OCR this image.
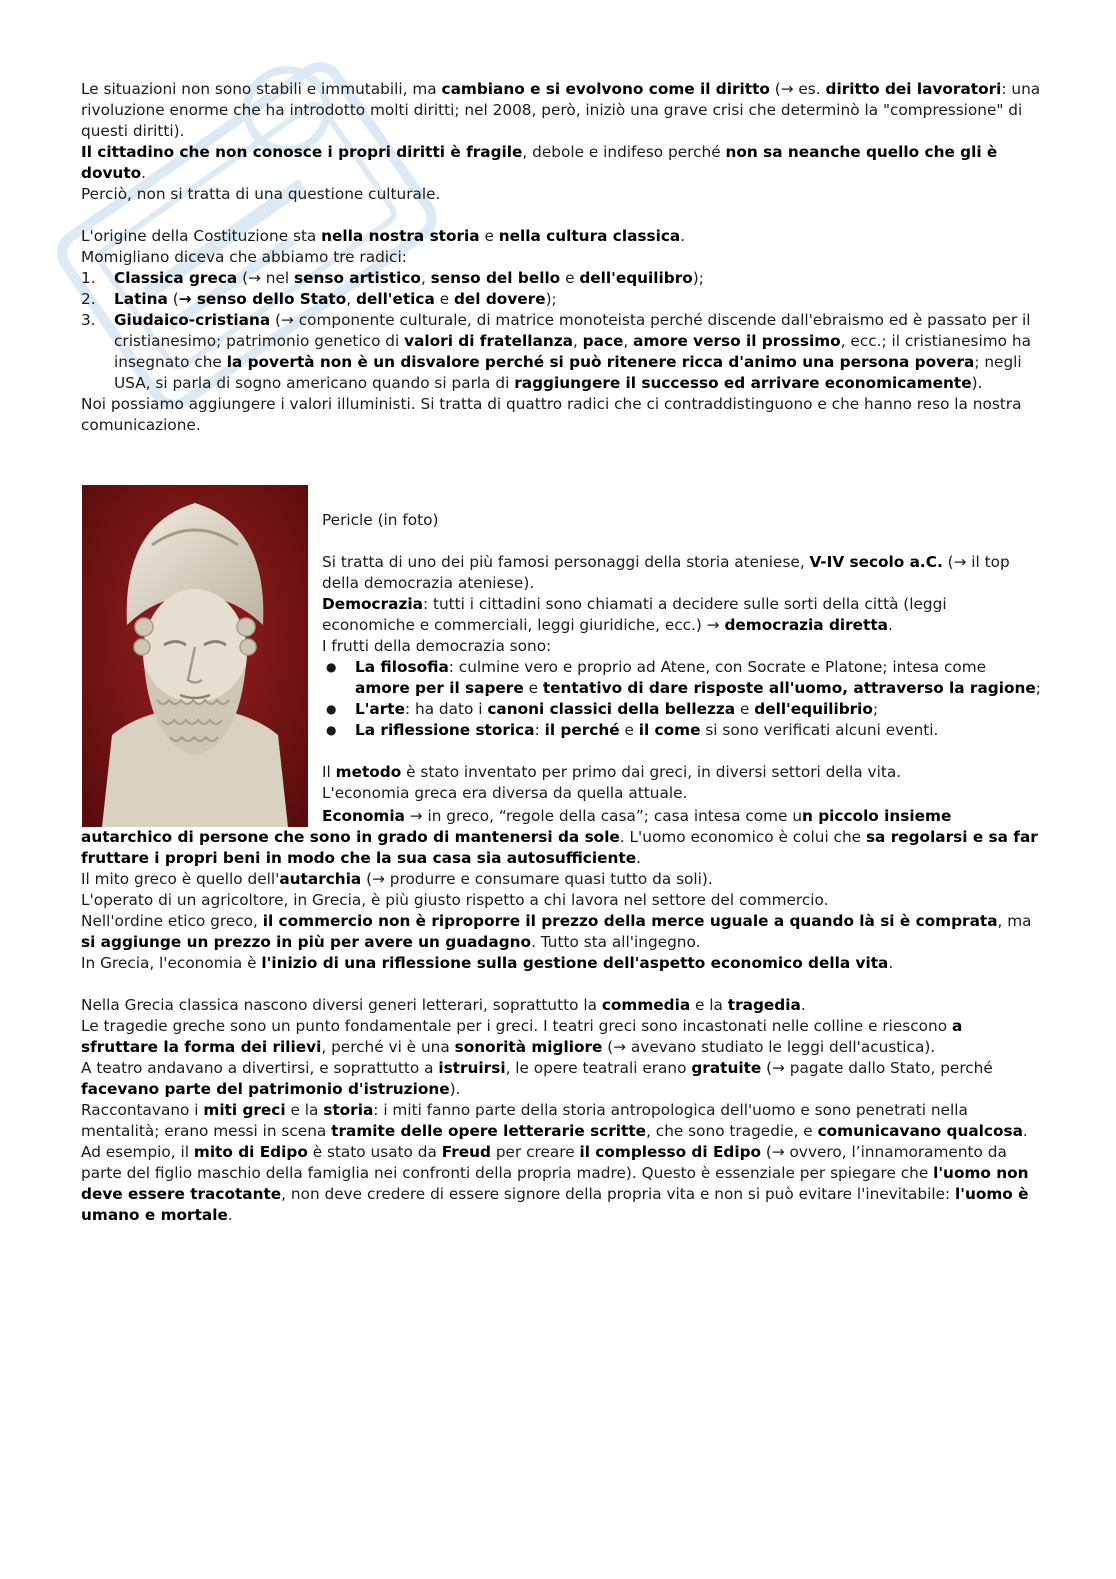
Le situazioni non sono stabili e immutabili, ma cambiano e si evolvono come il diritto (→ es. diritto dei lavoratori: una rivoluzione enorme che ha introdotto molti diritti; nel 2008, però, iniziò una grave crisi che determinò la "compressione" di questi diritti).

Il cittadino che non conosce i propri diritti è fragile, debole e indifeso perché non sa neanche quello che gli è dovuto.

Perciò, non si tratta di una questione culturale.

L'origine della Costituzione sta nella nostra storia e nella cultura classica.

Momigliano diceva che abbiamo tre radici:

1. Classica greca (→ nel senso artistico, senso del bello e dell'equilibro);
2. Latina (→ senso dello Stato, dell'etica e del dovere);
3. Giudaico-cristiana (→ componente culturale, di matrice monoteista perché discende dall'ebraismo ed è passato per il cristianesimo; patrimonio genetico di valori di fratellanza, pace, amore verso il prossimo, ecc.; il cristianesimo ha insegnato che la povertà non è un disvalore perché si può ritenere ricca d'animo una persona povera; negli USA, si parla di sogno americano quando si parla di raggiungere il successo ed arrivare economicamente).

Noi possiamo aggiungere i valori illuministi. Si tratta di quattro radici che ci contraddistinguono e che hanno reso la nostra comunicazione.

Pericle (in foto)

Si tratta di uno dei più famosi personaggi della storia ateniese, V-IV secolo a.C. (→ il top della democrazia ateniese).

Democrazia: tutti i cittadini sono chiamati a decidere sulle sorti della città (leggi economiche e commerciali, leggi giuridiche, ecc.) → democrazia diretta.

I frutti della democrazia sono:

● La filosofia: culmine vero e proprio ad Atene, con Socrate e Platone; intesa come amore per il sapere e tentativo di dare risposte all'uomo, attraverso la ragione;
● L'arte: ha dato i canoni classici della bellezza e dell'equilibrio;
● La riflessione storica: il perché e il come si sono verificati alcuni eventi.

Il metodo è stato inventato per primo dai greci, in diversi settori della vita.

L'economia greca era diversa da quella attuale.

Economia → in greco, “regole della casa”; casa intesa come un piccolo insieme autarchico di persone che sono in grado di mantenersi da sole. L'uomo economico è colui che sa regolarsi e sa far fruttare i propri beni in modo che la sua casa sia autosufficiente.

Il mito greco è quello dell'autarchia (→ produrre e consumare quasi tutto da soli).

L'operato di un agricoltore, in Grecia, è più giusto rispetto a chi lavora nel settore del commercio.

Nell'ordine etico greco, il commercio non è riproporre il prezzo della merce uguale a quando là si è comprata, ma si aggiunge un prezzo in più per avere un guadagno. Tutto sta all'ingegno.

In Grecia, l'economia è l'inizio di una riflessione sulla gestione dell'aspetto economico della vita.

Nella Grecia classica nascono diversi generi letterari, soprattutto la commedia e la tragedia.

Le tragedie greche sono un punto fondamentale per i greci. I teatri greci sono incastonati nelle colline e riescono a sfruttare la forma dei rilievi, perché vi è una sonorità migliore (→ avevano studiato le leggi dell'acustica).

A teatro andavano a divertirsi, e soprattutto a istruirsi, le opere teatrali erano gratuite (→ pagate dallo Stato, perché facevano parte del patrimonio d'istruzione).

Raccontavano i miti greci e la storia: i miti fanno parte della storia antropologica dell'uomo e sono penetrati nella mentalità; erano messi in scena tramite delle opere letterarie scritte, che sono tragedie, e comunicavano qualcosa.

Ad esempio, il mito di Edipo è stato usato da Freud per creare il complesso di Edipo (→ ovvero, l’innamoramento da parte del figlio maschio della famiglia nei confronti della propria madre). Questo è essenziale per spiegare che l'uomo non deve essere tracotante, non deve credere di essere signore della propria vita e non si può evitare l'inevitabile: l'uomo è umano e mortale.
